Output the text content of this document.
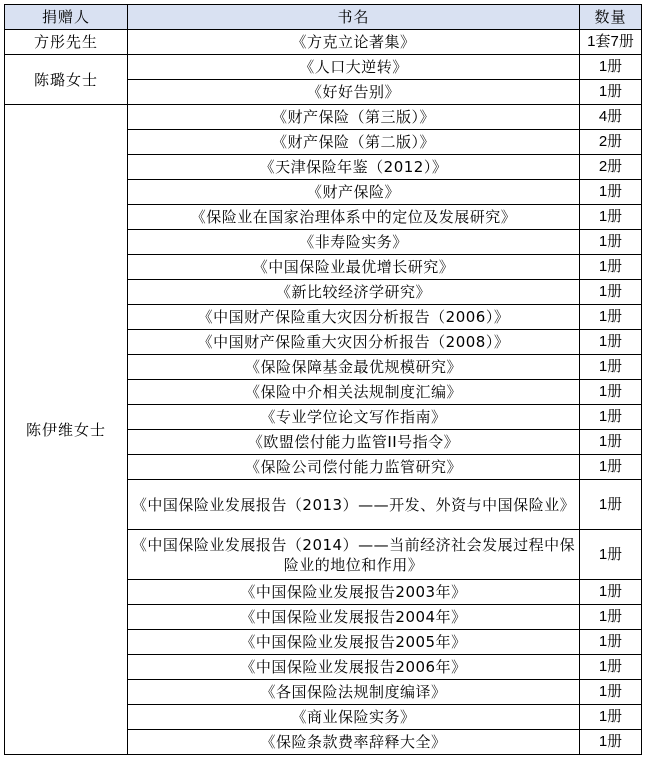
捐赠人	书名	数量
方彤先生	《方克立论著集》	1套7册
陈璐女士	《人口大逆转》	1册
	《好好告别》	1册
陈伊维女士	《财产保险（第三版）》	4册
	《财产保险（第二版）》	2册
	《天津保险年鉴（2012）》	2册
	《财产保险》	1册
	《保险业在国家治理体系中的定位及发展研究》	1册
	《非寿险实务》	1册
	《中国保险业最优增长研究》	1册
	《新比较经济学研究》	1册
	《中国财产保险重大灾因分析报告（2006）》	1册
	《中国财产保险重大灾因分析报告（2008）》	1册
	《保险保障基金最优规模研究》	1册
	《保险中介相关法规制度汇编》	1册
	《专业学位论文写作指南》	1册
	《欧盟偿付能力监管II号指令》	1册
	《保险公司偿付能力监管研究》	1册
	《中国保险业发展报告（2013）——开发、外资与中国保险业》	1册
	《中国保险业发展报告（2014）——当前经济社会发展过程中保险业的地位和作用》	1册
	《中国保险业发展报告2003年》	1册
	《中国保险业发展报告2004年》	1册
	《中国保险业发展报告2005年》	1册
	《中国保险业发展报告2006年》	1册
	《各国保险法规制度编译》	1册
	《商业保险实务》	1册
	《保险条款费率辞释大全》	1册
